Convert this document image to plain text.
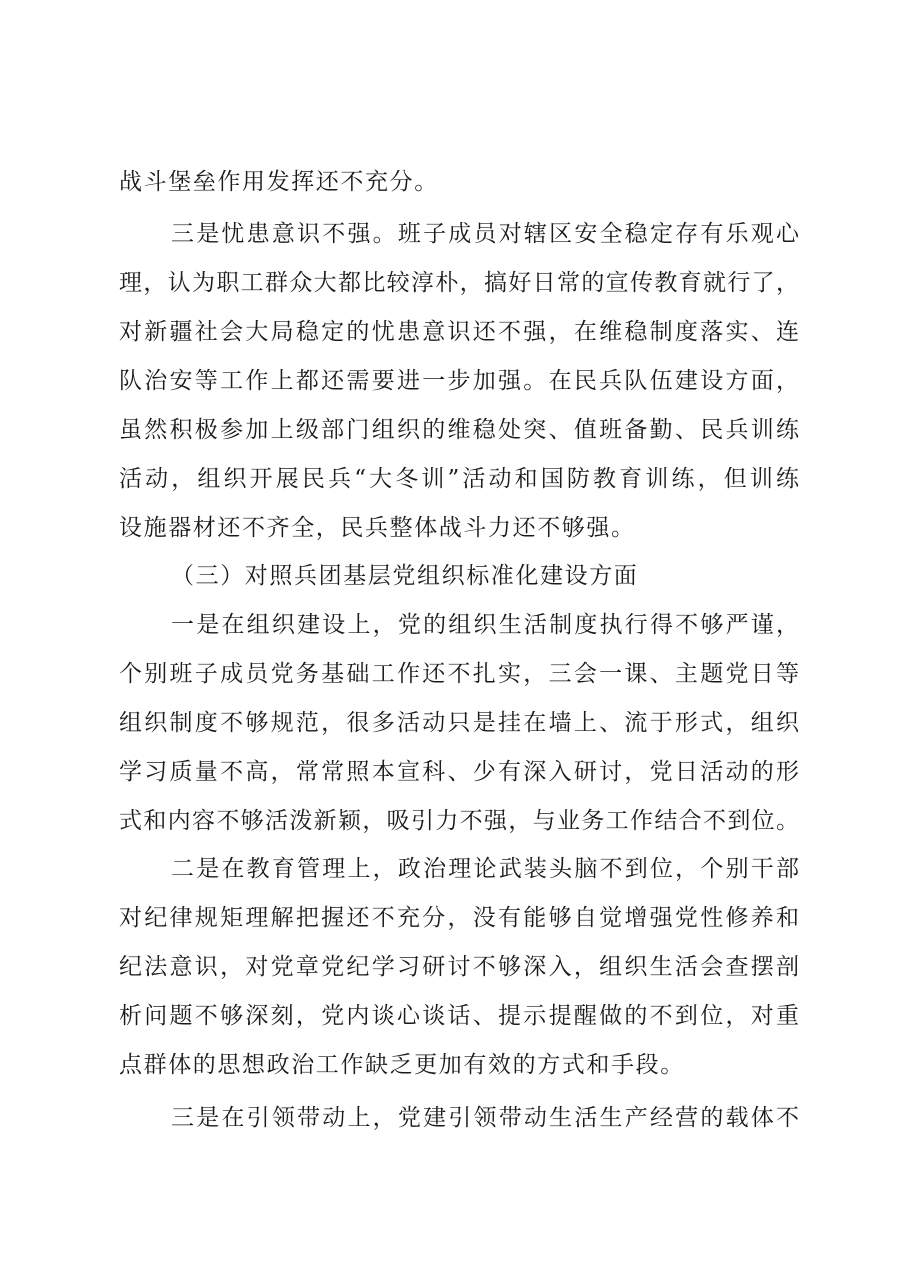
战斗堡垒作用发挥还不充分。
三是忧患意识不强。班子成员对辖区安全稳定存有乐观心
理，认为职工群众大都比较淳朴，搞好日常的宣传教育就行了，
对新疆社会大局稳定的忧患意识还不强，在维稳制度落实、连
队治安等工作上都还需要进一步加强。在民兵队伍建设方面，
虽然积极参加上级部门组织的维稳处突、值班备勤、民兵训练
活动，组织开展民兵“大冬训”活动和国防教育训练，但训练
设施器材还不齐全，民兵整体战斗力还不够强。
（三）对照兵团基层党组织标准化建设方面
一是在组织建设上，党的组织生活制度执行得不够严谨，
个别班子成员党务基础工作还不扎实，三会一课、主题党日等
组织制度不够规范，很多活动只是挂在墙上、流于形式，组织
学习质量不高，常常照本宣科、少有深入研讨，党日活动的形
式和内容不够活泼新颖，吸引力不强，与业务工作结合不到位。
二是在教育管理上，政治理论武装头脑不到位，个别干部
对纪律规矩理解把握还不充分，没有能够自觉增强党性修养和
纪法意识，对党章党纪学习研讨不够深入，组织生活会查摆剖
析问题不够深刻，党内谈心谈话、提示提醒做的不到位，对重
点群体的思想政治工作缺乏更加有效的方式和手段。
三是在引领带动上，党建引领带动生活生产经营的载体不
